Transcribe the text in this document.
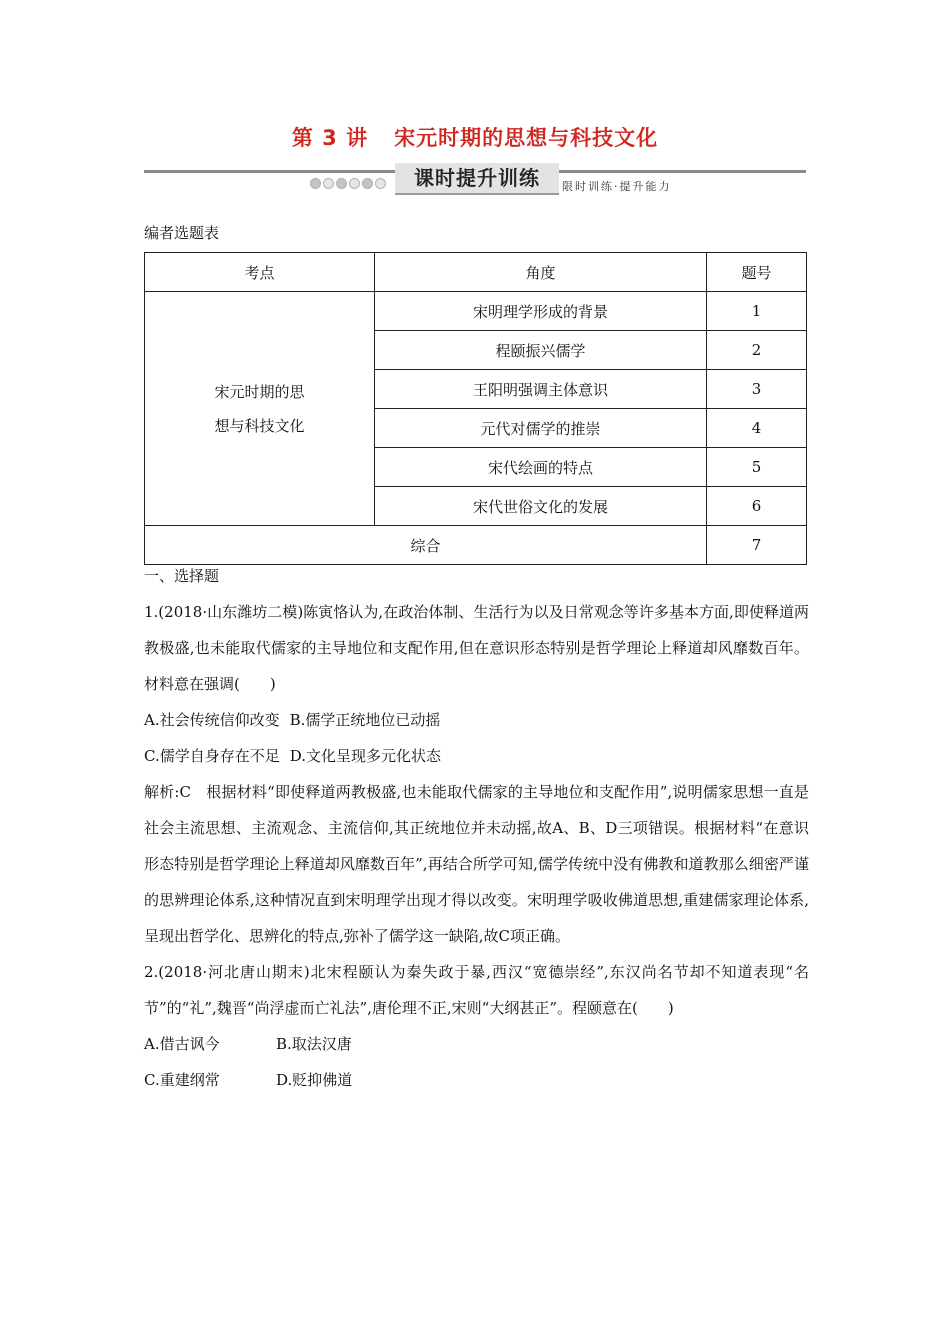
第 3 讲 宋元时期的思想与科技文化
课时提升训练	限时训练·提升能力
编者选题表
考点	角度	题号

宋元时期的思
想与科技文化	宋明理学形成的背景	1
	程颐振兴儒学	2
	王阳明强调主体意识	3
	元代对儒学的推崇	4
	宋代绘画的特点	5
	宋代世俗文化的发展	6
综合		7
一、选择题

1.(2018·山东潍坊二模)陈寅恪认为,在政治体制、生活行为以及日常观念等许多基本方面,即使释道两教极盛,也未能取代儒家的主导地位和支配作用,但在意识形态特别是哲学理论上释道却风靡数百年。材料意在强调(　　)

A.社会传统信仰改变 B.儒学正统地位已动摇
C.儒学自身存在不足 D.文化呈现多元化状态

解析:C　根据材料“即使释道两教极盛,也未能取代儒家的主导地位和支配作用”,说明儒家思想一直是社会主流思想、主流观念、主流信仰,其正统地位并未动摇,故A、B、D三项错误。根据材料“在意识形态特别是哲学理论上释道却风靡数百年”,再结合所学可知,儒学传统中没有佛教和道教那么细密严谨的思辨理论体系,这种情况直到宋明理学出现才得以改变。宋明理学吸收佛道思想,重建儒家理论体系,呈现出哲学化、思辨化的特点,弥补了儒学这一缺陷,故C项正确。

2.(2018·河北唐山期末)北宋程颐认为秦失政于暴,西汉“宽德崇经”,东汉尚名节却不知道表现“名节”的“礼”,魏晋“尚浮虚而亡礼法”,唐伦理不正,宋则“大纲甚正”。程颐意在(　　)

A.借古讽今	B.取法汉唐
C.重建纲常	D.贬抑佛道
